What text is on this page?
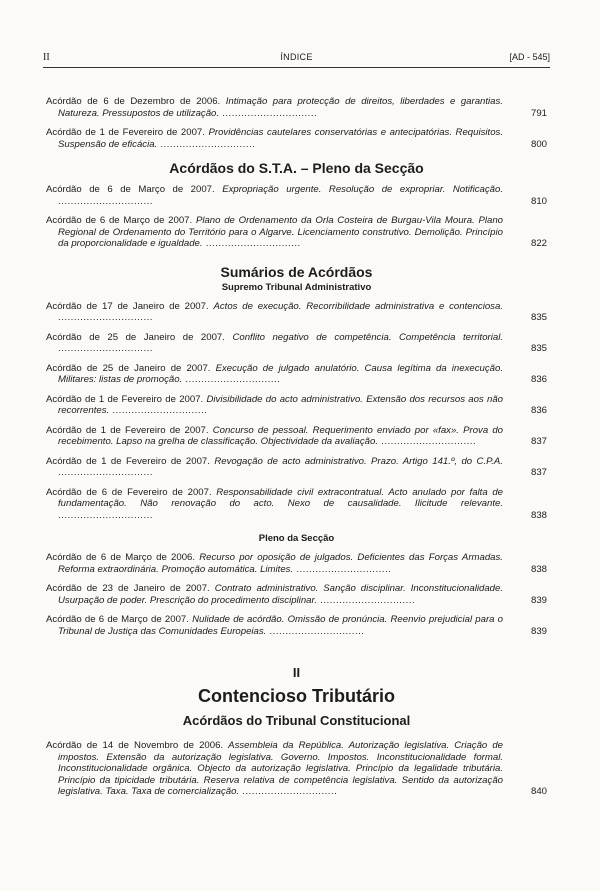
II	ÍNDICE	[AD - 545]
Acórdão de 6 de Dezembro de 2006. Intimação para protecção de direitos, liberdades e garantias. Natureza. Pressupostos de utilização. ..............................	791
Acórdão de 1 de Fevereiro de 2007. Providências cautelares conservatórias e antecipatórias. Requisitos. Suspensão de eficácia. ..............................	800
Acórdãos do S.T.A. – Pleno da Secção
Acórdão de 6 de Março de 2007. Expropriação urgente. Resolução de expropriar. Notificação. ..............................	810
Acórdão de 6 de Março de 2007. Plano de Ordenamento da Orla Costeira de Burgau-Vila Moura. Plano Regional de Ordenamento do Território para o Algarve. Licenciamento construtivo. Demolição. Princípio da proporcionalidade e igualdade. ..............................	822
Sumários de Acórdãos
Supremo Tribunal Administrativo
Acórdão de 17 de Janeiro de 2007. Actos de execução. Recorribilidade administrativa e contenciosa. ..............................	835
Acórdão de 25 de Janeiro de 2007. Conflito negativo de competência. Competência territorial. ..............................	835
Acórdão de 25 de Janeiro de 2007. Execução de julgado anulatório. Causa legítima da inexecução. Militares: listas de promoção. ..............................	836
Acórdão de 1 de Fevereiro de 2007. Divisibilidade do acto administrativo. Extensão dos recursos aos não recorrentes. ..............................	836
Acórdão de 1 de Fevereiro de 2007. Concurso de pessoal. Requerimento enviado por «fax». Prova do recebimento. Lapso na grelha de classificação. Objectividade da avaliação. ..............................	837
Acórdão de 1 de Fevereiro de 2007. Revogação de acto administrativo. Prazo. Artigo 141.º, do C.P.A. ..............................	837
Acórdão de 6 de Fevereiro de 2007. Responsabilidade civil extracontratual. Acto anulado por falta de fundamentação. Não renovação do acto. Nexo de causalidade. Ilicitude relevante. ..............................	838
Pleno da Secção
Acórdão de 6 de Março de 2006. Recurso por oposição de julgados. Deficientes das Forças Armadas. Reforma extraordinária. Promoção automática. Limites. ..............................	838
Acórdão de 23 de Janeiro de 2007. Contrato administrativo. Sanção disciplinar. Inconstitucionalidade. Usurpação de poder. Prescrição do procedimento disciplinar. ..............................	839
Acórdão de 6 de Março de 2007. Nulidade de acórdão. Omissão de pronúncia. Reenvio prejudicial para o Tribunal de Justiça das Comunidades Europeias. ..............................	839
II
Contencioso Tributário
Acórdãos do Tribunal Constitucional
Acórdão de 14 de Novembro de 2006. Assembleia da República. Autorização legislativa. Criação de impostos. Extensão da autorização legislativa. Governo. Impostos. Inconstitucionalidade formal. Inconstitucionalidade orgânica. Objecto da autorização legislativa. Princípio da legalidade tributária. Princípio da tipicidade tributária. Reserva relativa de competência legislativa. Sentido da autorização legislativa. Taxa. Taxa de comercialização. ..............................	840
